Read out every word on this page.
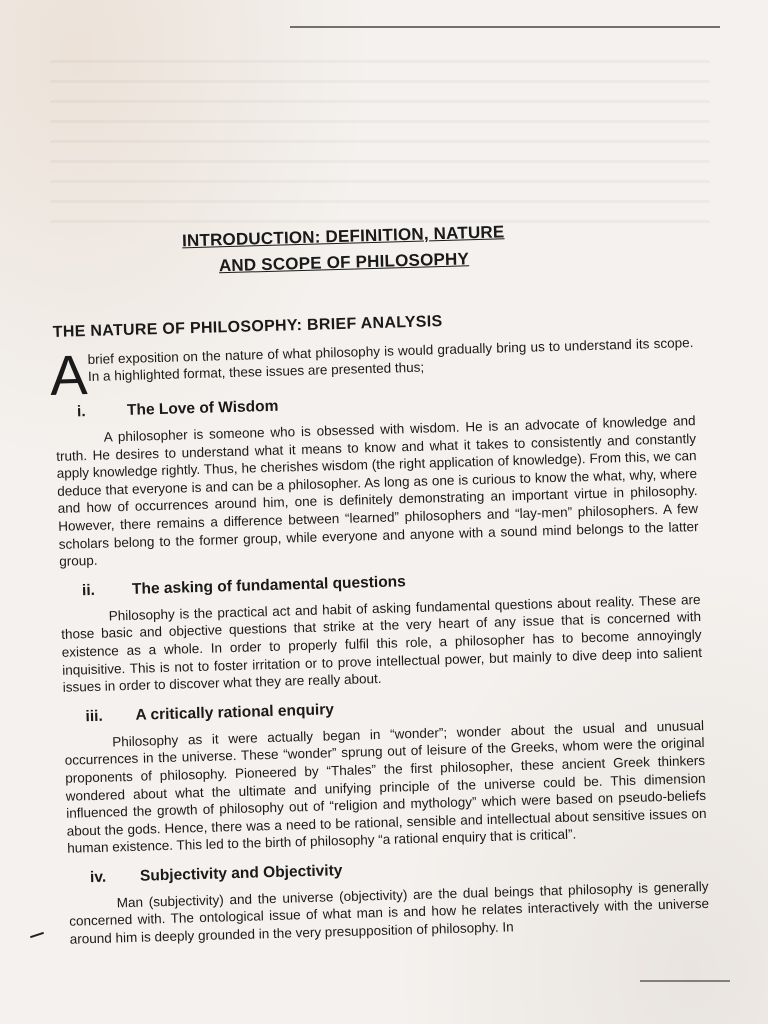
INTRODUCTION: DEFINITION, NATURE
AND SCOPE OF PHILOSOPHY
THE NATURE OF PHILOSOPHY: BRIEF ANALYSIS
A brief exposition on the nature of what philosophy is would gradually bring us to understand its scope. In a highlighted format, these issues are presented thus;
i.	The Love of Wisdom

A philosopher is someone who is obsessed with wisdom. He is an advocate of knowledge and truth. He desires to understand what it means to know and what it takes to consistently and constantly apply knowledge rightly. Thus, he cherishes wisdom (the right application of knowledge). From this, we can deduce that everyone is and can be a philosopher. As long as one is curious to know the what, why, where and how of occurrences around him, one is definitely demonstrating an important virtue in philosophy. However, there remains a difference between “learned” philosophers and “lay-men” philosophers. A few scholars belong to the former group, while everyone and anyone with a sound mind belongs to the latter group.

ii.	The asking of fundamental questions

Philosophy is the practical act and habit of asking fundamental questions about reality. These are those basic and objective questions that strike at the very heart of any issue that is concerned with existence as a whole. In order to properly fulfil this role, a philosopher has to become annoyingly inquisitive. This is not to foster irritation or to prove intellectual power, but mainly to dive deep into salient issues in order to discover what they are really about.

iii.	A critically rational enquiry

Philosophy as it were actually began in “wonder”; wonder about the usual and unusual occurrences in the universe. These “wonder” sprung out of leisure of the Greeks, whom were the original proponents of philosophy. Pioneered by “Thales” the first philosopher, these ancient Greek thinkers wondered about what the ultimate and unifying principle of the universe could be. This dimension influenced the growth of philosophy out of “religion and mythology” which were based on pseudo-beliefs about the gods. Hence, there was a need to be rational, sensible and intellectual about sensitive issues on human existence. This led to the birth of philosophy “a rational enquiry that is critical”.

iv.	Subjectivity and Objectivity

Man (subjectivity) and the universe (objectivity) are the dual beings that philosophy is generally concerned with. The ontological issue of what man is and how he relates interactively with the universe around him is deeply grounded in the very presupposition of philosophy. In
